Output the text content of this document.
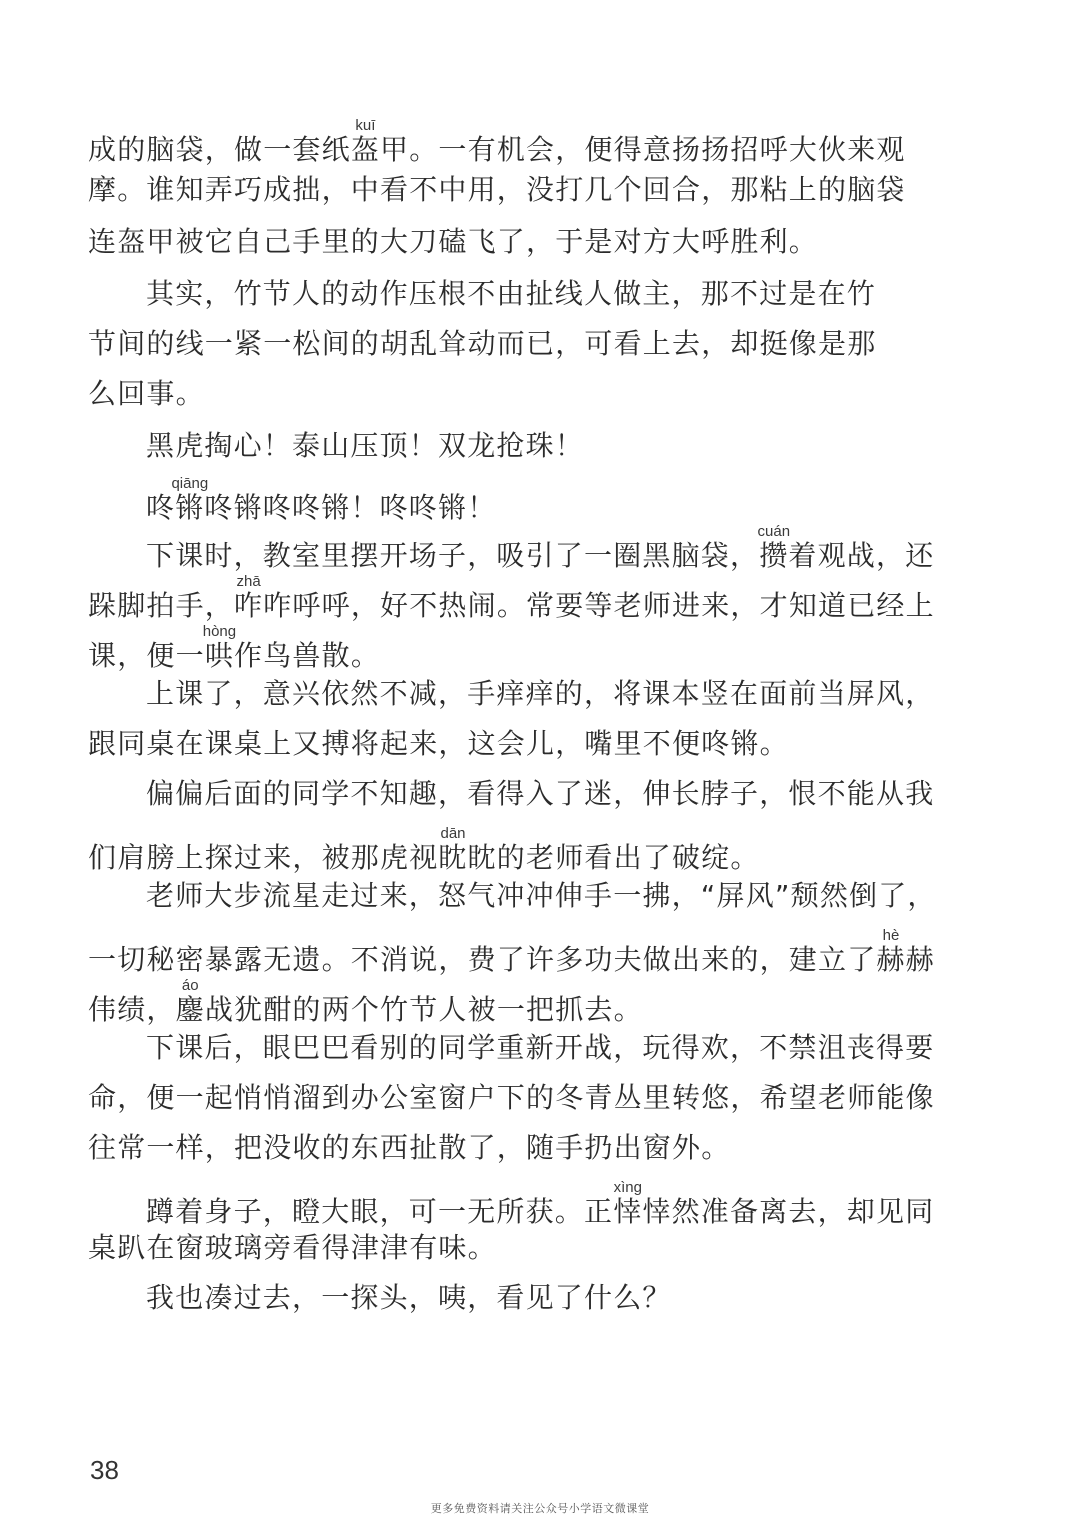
成的脑袋，做一套纸盔kuī甲。一有机会，便得意扬扬招呼大伙来观
摩。谁知弄巧成拙，中看不中用，没打几个回合，那粘上的脑袋
连盔甲被它自己手里的大刀磕飞了，于是对方大呼胜利。
其实，竹节人的动作压根不由扯线人做主，那不过是在竹
节间的线一紧一松间的胡乱耸动而已，可看上去，却挺像是那
么回事。
黑虎掏心！泰山压顶！双龙抢珠！
咚锵qiāng咚锵咚咚锵！咚咚锵！
下课时，教室里摆开场子，吸引了一圈黑脑袋，攒cuán着观战，还
跺脚拍手，咋zhā咋呼呼，好不热闹。常要等老师进来，才知道已经上
课，便一哄hòng作鸟兽散。
上课了，意兴依然不减，手痒痒的，将课本竖在面前当屏风，
跟同桌在课桌上又搏将起来，这会儿，嘴里不便咚锵。
偏偏后面的同学不知趣，看得入了迷，伸长脖子，恨不能从我
们肩膀上探过来，被那虎视眈dān眈的老师看出了破绽。
老师大步流星走过来，怒气冲冲伸手一拂，“屏风”颓然倒了，
一切秘密暴露无遗。不消说，费了许多功夫做出来的，建立了赫hè赫
伟绩，鏖áo战犹酣的两个竹节人被一把抓去。
下课后，眼巴巴看别的同学重新开战，玩得欢，不禁沮丧得要
命，便一起悄悄溜到办公室窗户下的冬青丛里转悠，希望老师能像
往常一样，把没收的东西扯散了，随手扔出窗外。
蹲着身子，瞪大眼，可一无所获。正悻xìng悻然准备离去，却见同
桌趴在窗玻璃旁看得津津有味。
我也凑过去，一探头，咦，看见了什么？
38
更多免费资料请关注公众号小学语文微课堂
